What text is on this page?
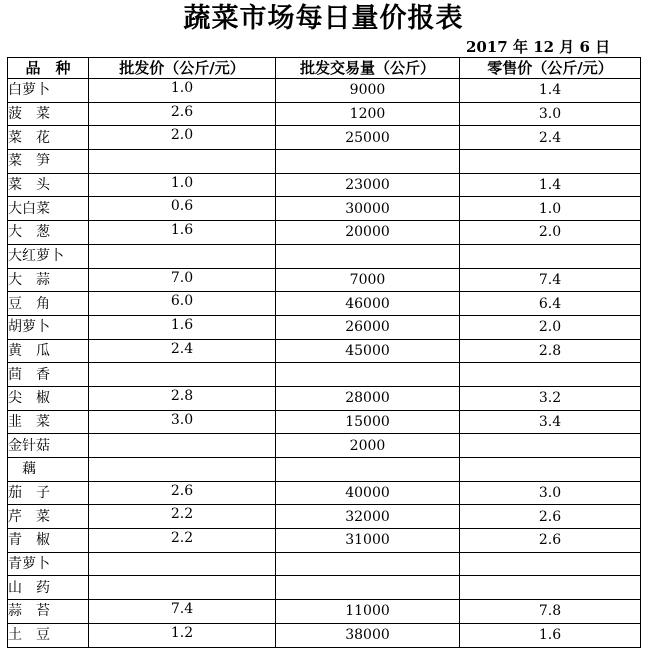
蔬菜市场每日量价报表
2017 年 12 月 6 日
品　种	批发价（公斤/元）	批发交易量（公斤）	零售价（公斤/元）
白萝卜	1.0	9000	1.4
菠　菜	2.6	1200	3.0
菜　花	2.0	25000	2.4
菜　笋			
菜　头	1.0	23000	1.4
大白菜	0.6	30000	1.0
大　葱	1.6	20000	2.0
大红萝卜			
大　蒜	7.0	7000	7.4
豆　角	6.0	46000	6.4
胡萝卜	1.6	26000	2.0
黄　瓜	2.4	45000	2.8
茴　香			
尖　椒	2.8	28000	3.2
韭　菜	3.0	15000	3.4
金针菇		2000	
　藕			
茄　子	2.6	40000	3.0
芹　菜	2.2	32000	2.6
青　椒	2.2	31000	2.6
青萝卜			
山　药			
蒜　苔	7.4	11000	7.8
土　豆	1.2	38000	1.6
